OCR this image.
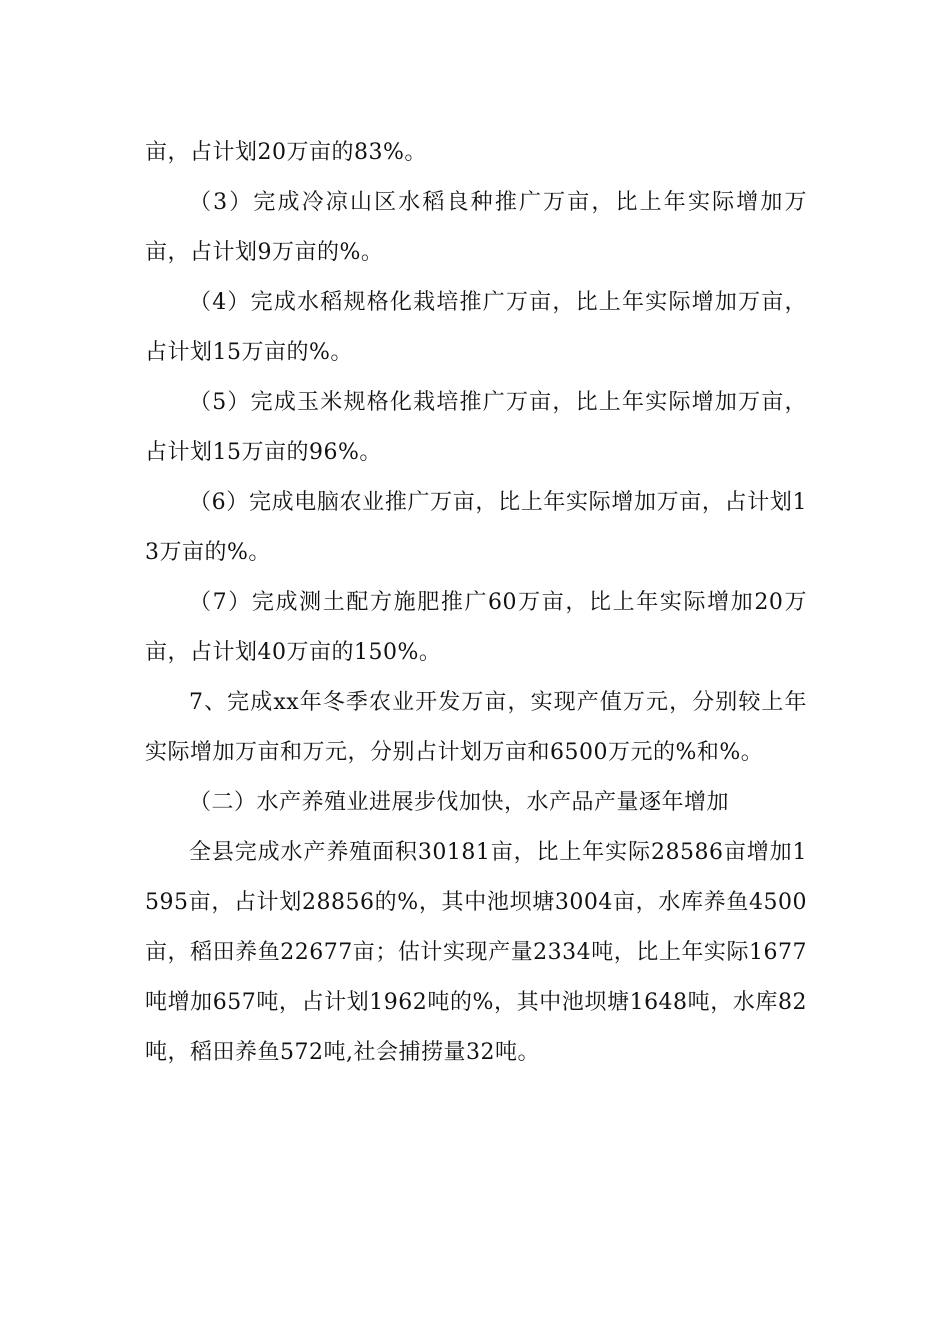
亩，占计划20万亩的83%。

（3）完成冷凉山区水稻良种推广万亩，比上年实际增加万亩，占计划9万亩的%。

（4）完成水稻规格化栽培推广万亩，比上年实际增加万亩，占计划15万亩的%。

（5）完成玉米规格化栽培推广万亩，比上年实际增加万亩，占计划15万亩的96%。

（6）完成电脑农业推广万亩，比上年实际增加万亩，占计划13万亩的%。

（7）完成测土配方施肥推广60万亩，比上年实际增加20万亩，占计划40万亩的150%。

7、完成xx年冬季农业开发万亩，实现产值万元，分别较上年实际增加万亩和万元，分别占计划万亩和6500万元的%和%。

（二）水产养殖业进展步伐加快，水产品产量逐年增加

全县完成水产养殖面积30181亩，比上年实际28586亩增加1595亩，占计划28856的%，其中池坝塘3004亩，水库养鱼4500亩，稻田养鱼22677亩；估计实现产量2334吨，比上年实际1677吨增加657吨，占计划1962吨的%，其中池坝塘1648吨，水库82吨，稻田养鱼572吨,社会捕捞量32吨。
